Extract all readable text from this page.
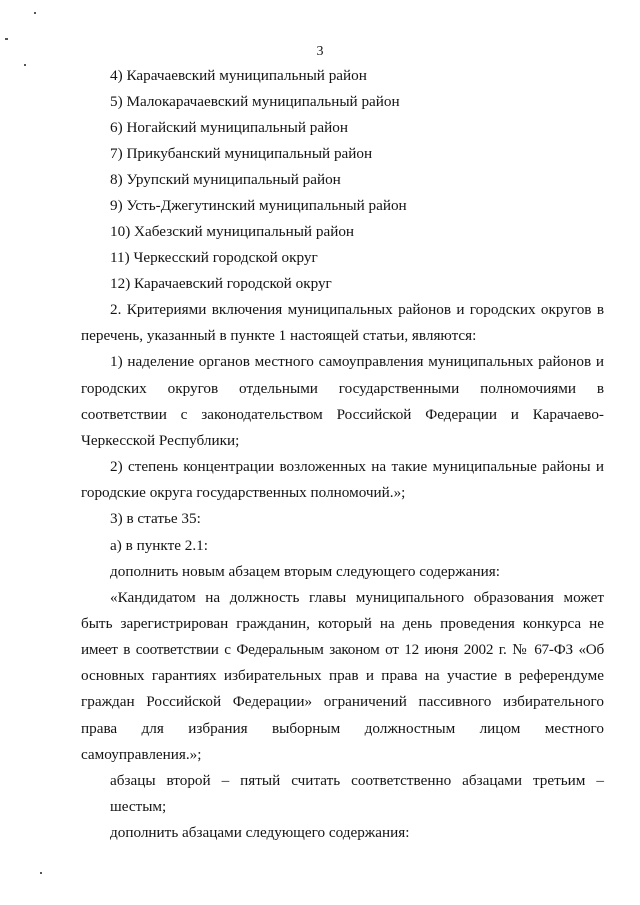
3
4) Карачаевский муниципальный район
5) Малокарачаевский муниципальный район
6) Ногайский муниципальный район
7) Прикубанский муниципальный район
8) Урупский муниципальный район
9) Усть-Джегутинский муниципальный район
10) Хабезский муниципальный район
11) Черкесский городской округ
12) Карачаевский городской округ
2. Критериями включения муниципальных районов и городских округов в
перечень, указанный в пункте 1 настоящей статьи, являются:
1) наделение органов местного самоуправления муниципальных районов и
городских округов отдельными государственными полномочиями в
соответствии с законодательством Российской Федерации и Карачаево-
Черкесской Республики;
2) степень концентрации возложенных на такие муниципальные районы и
городские округа государственных полномочий.»;
3) в статье 35:
а) в пункте 2.1:
дополнить новым абзацем вторым следующего содержания:
«Кандидатом на должность главы муниципального образования может
быть зарегистрирован гражданин, который на день проведения конкурса не
имеет в соответствии с Федеральным законом от 12 июня 2002 г. № 67-ФЗ «Об
основных гарантиях избирательных прав и права на участие в референдуме
граждан Российской Федерации» ограничений пассивного избирательного
права для избрания выборным должностным лицом местного
самоуправления.»;
абзацы второй – пятый считать соответственно абзацами третьим –
шестым;
дополнить абзацами следующего содержания:
